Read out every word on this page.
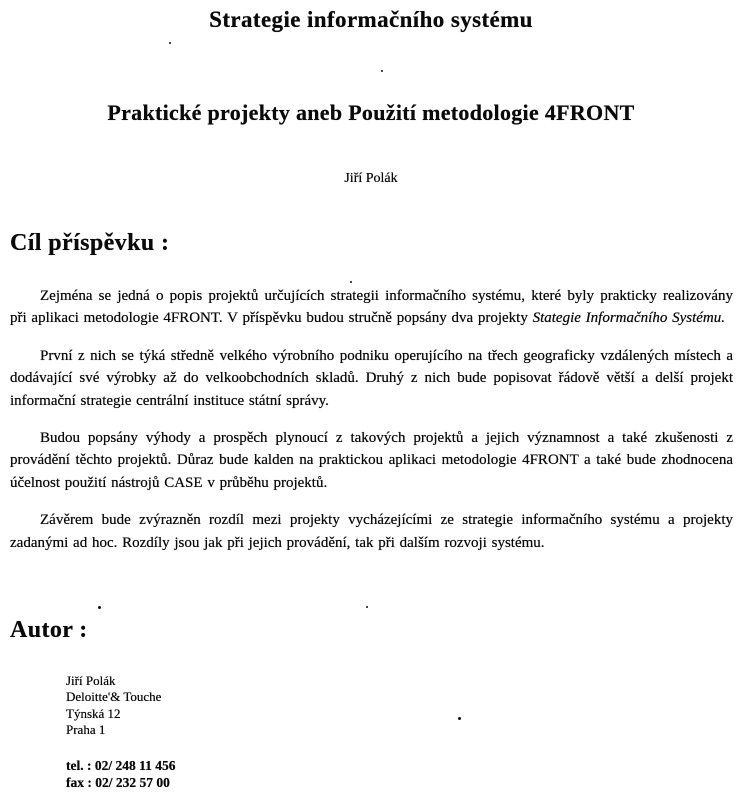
Strategie informačního systému
Praktické projekty aneb Použití metodologie 4FRONT
Jiří Polák
Cíl příspěvku :

Zejména se jedná o popis projektů určujících strategii informačního systému, které byly prakticky realizovány při aplikaci metodologie 4FRONT. V příspěvku budou stručně popsány dva projekty Stategie Informačního Systému.

První z nich se týká středně velkého výrobního podniku operujícího na třech geograficky vzdálených místech a dodávající své výrobky až do velkoobchodních skladů. Druhý z nich bude popisovat řádově větší a delší projekt informační strategie centrální instituce státní správy.

Budou popsány výhody a prospěch plynoucí z takových projektů a jejich významnost a také zkušenosti z provádění těchto projektů. Důraz bude kalden na praktickou aplikaci metodologie 4FRONT a také bude zhodnocena účelnost použití nástrojů CASE v průběhu projektů.

Závěrem bude zvýrazněn rozdíl mezi projekty vycházejícími ze strategie informačního systému a projekty zadanými ad hoc. Rozdíly jsou jak při jejich provádění, tak při dalším rozvoji systému.

Autor :
Jiří Polák
Deloitte'& Touche
Týnská 12
Praha 1
tel. : 02/ 248 11 456
fax : 02/ 232 57 00
